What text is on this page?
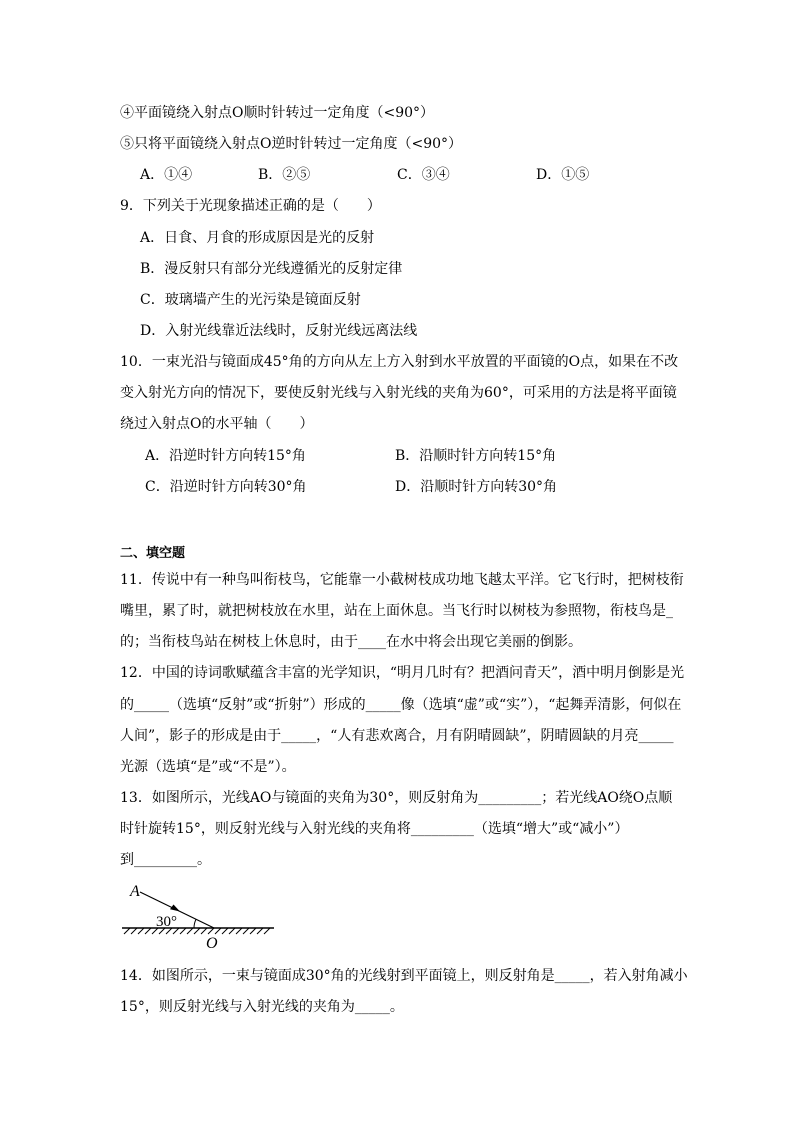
④平面镜绕入射点O顺时针转过一定角度（<90°）
⑤只将平面镜绕入射点O逆时针转过一定角度（<90°）
A．①④	B．②⑤	C．③④	D．①⑤
9．下列关于光现象描述正确的是（　　）
A．日食、月食的形成原因是光的反射
B．漫反射只有部分光线遵循光的反射定律
C．玻璃墙产生的光污染是镜面反射
D．入射光线靠近法线时，反射光线远离法线
10．一束光沿与镜面成45°角的方向从左上方入射到水平放置的平面镜的O点，如果在不改
变入射光方向的情况下，要使反射光线与入射光线的夹角为60°，可采用的方法是将平面镜
绕过入射点O的水平轴（　　）
A．沿逆时针方向转15°角	B．沿顺时针方向转15°角
C．沿逆时针方向转30°角	D．沿顺时针方向转30°角
二、填空题
11．传说中有一种鸟叫衔枝鸟，它能靠一小截树枝成功地飞越太平洋。它飞行时，把树枝衔
嘴里，累了时，就把树枝放在水里，站在上面休息。当飞行时以树枝为参照物，衔枝鸟是_
的；当衔枝鸟站在树枝上休息时，由于____在水中将会出现它美丽的倒影。
12．中国的诗词歌赋蕴含丰富的光学知识，“明月几时有？把酒问青天”，酒中明月倒影是光
的_____（选填“反射”或“折射”）形成的_____像（选填“虚”或“实”），“起舞弄清影，何似在
人间”，影子的形成是由于_____，“人有悲欢离合，月有阴晴圆缺”，阴晴圆缺的月亮_____
光源（选填“是”或“不是”）。
13．如图所示，光线AO与镜面的夹角为30°，则反射角为_________；若光线AO绕O点顺
时针旋转15°，则反射光线与入射光线的夹角将_________（选填“增大”或“减小”）
到_________。
A
O
30°
14．如图所示，一束与镜面成30°角的光线射到平面镜上，则反射角是_____，若入射角减小
15°，则反射光线与入射光线的夹角为_____。
